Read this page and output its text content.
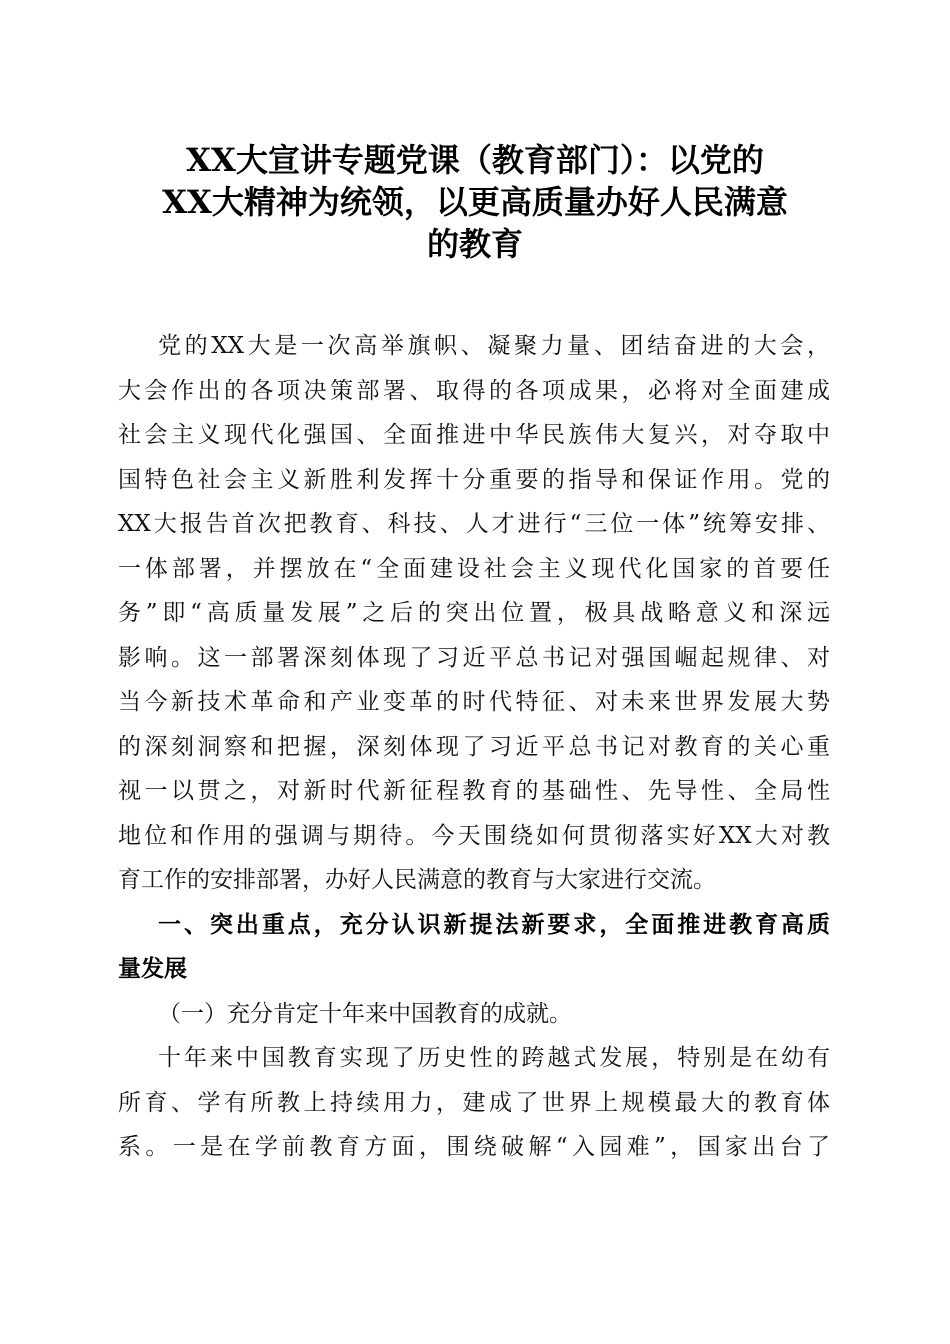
XX大宣讲专题党课（教育部门）：以党的
XX大精神为统领，以更高质量办好人民满意
的教育
党的XX大是一次高举旗帜、凝聚力量、团结奋进的大会，
大会作出的各项决策部署、取得的各项成果，必将对全面建成
社会主义现代化强国、全面推进中华民族伟大复兴，对夺取中
国特色社会主义新胜利发挥十分重要的指导和保证作用。党的
XX大报告首次把教育、科技、人才进行“三位一体”统筹安排、
一体部署，并摆放在“全面建设社会主义现代化国家的首要任
务”即“高质量发展”之后的突出位置，极具战略意义和深远
影响。这一部署深刻体现了习近平总书记对强国崛起规律、对
当今新技术革命和产业变革的时代特征、对未来世界发展大势
的深刻洞察和把握，深刻体现了习近平总书记对教育的关心重
视一以贯之，对新时代新征程教育的基础性、先导性、全局性
地位和作用的强调与期待。今天围绕如何贯彻落实好XX大对教
育工作的安排部署，办好人民满意的教育与大家进行交流。
一、突出重点，充分认识新提法新要求，全面推进教育高质
量发展
（一）充分肯定十年来中国教育的成就。
十年来中国教育实现了历史性的跨越式发展，特别是在幼有
所育、学有所教上持续用力，建成了世界上规模最大的教育体
系。一是在学前教育方面，围绕破解“入园难”，国家出台了
